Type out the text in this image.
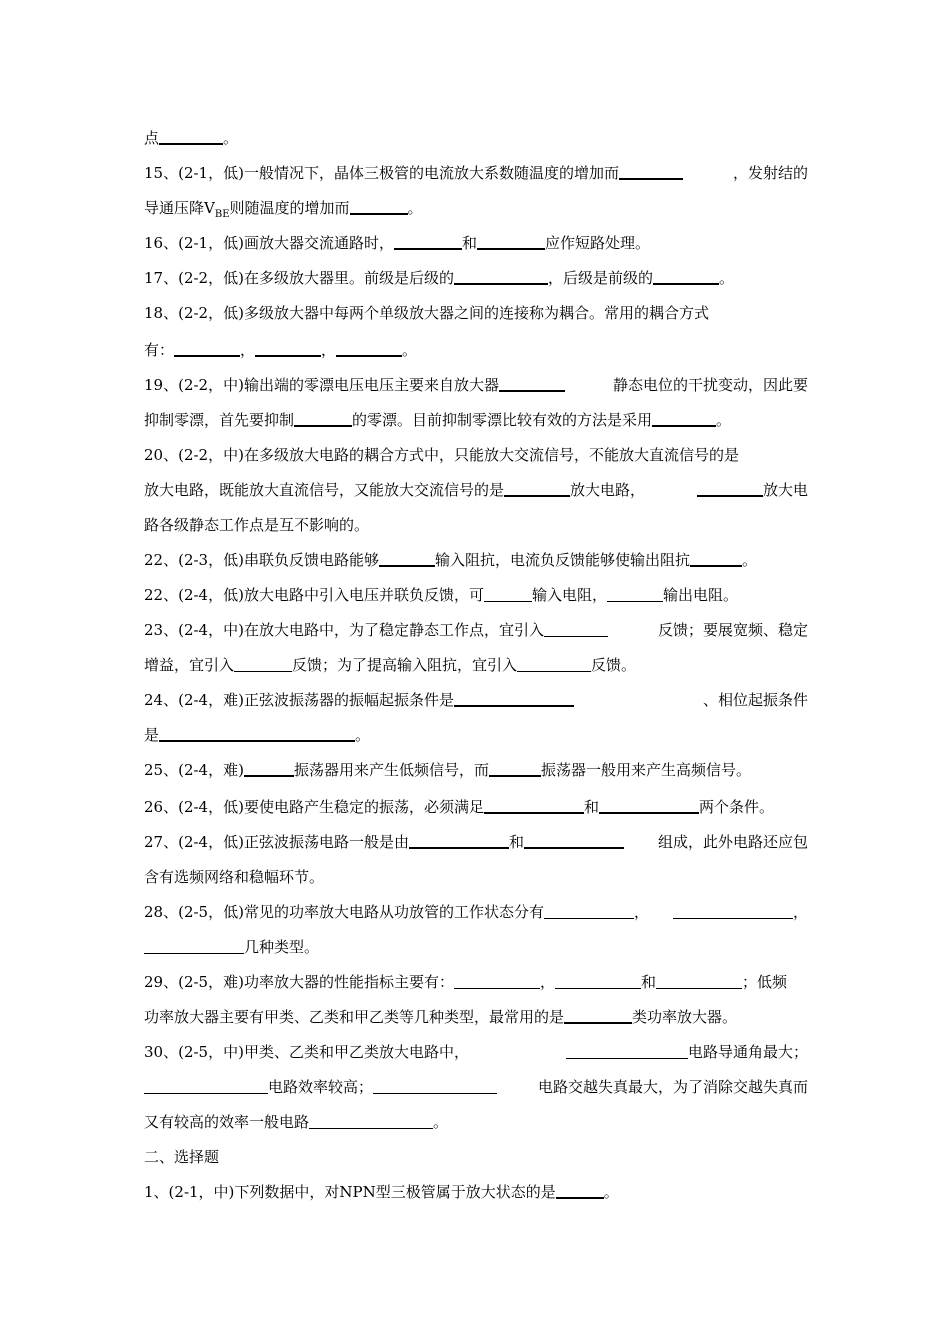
点	。
15、(2-1，低)一般情况下，晶体三极管的电流放大系数随温度的增加而	，发射结的
导通压降$V_{BE}$则随温度的增加而	。
16、(2-1，低)画放大器交流通路时，	和	应作短路处理。
17、(2-2，低)在多级放大器里。前级是后级的	，后级是前级的	。
18、(2-2，低)多级放大器中每两个单级放大器之间的连接称为耦合。常用的耦合方式
有：	，	，	。
19、(2-2，中)输出端的零漂电压电压主要来自放大器	静态电位的干扰变动，因此要
抑制零漂，首先要抑制	的零漂。目前抑制零漂比较有效的方法是采用	。
20、(2-2，中)在多级放大电路的耦合方式中，只能放大交流信号，不能放大直流信号的是
放大电路，既能放大直流信号，又能放大交流信号的是	放大电路，	放大电
路各级静态工作点是互不影响的。
22、(2-3，低)串联负反馈电路能够	输入阻抗，电流负反馈能够使输出阻抗	。
22、(2-4，低)放大电路中引入电压并联负反馈，可	输入电阻，	输出电阻。
23、(2-4，中)在放大电路中，为了稳定静态工作点，宜引入	反馈；要展宽频、稳定
增益，宜引入	反馈；为了提高输入阻抗，宜引入	反馈。
24、(2-4，难)正弦波振荡器的振幅起振条件是	、相位起振条件
是	。
25、(2-4，难)	振荡器用来产生低频信号，而	振荡器一般用来产生高频信号。
26、(2-4，低)要使电路产生稳定的振荡，必须满足	和	两个条件。
27、(2-4，低)正弦波振荡电路一般是由	和	组成，此外电路还应包
含有选频网络和稳幅环节。
28、(2-5，低)常见的功率放大电路从功放管的工作状态分有	，	，
几种类型。
29、(2-5，难)功率放大器的性能指标主要有：	，	和	；低频
功率放大器主要有甲类、乙类和甲乙类等几种类型，最常用的是	类功率放大器。
30、(2-5，中)甲类、乙类和甲乙类放大电路中，	电路导通角最大；
电路效率较高；	电路交越失真最大，为了消除交越失真而
又有较高的效率一般电路	。
二、选择题
1、(2-1，中)下列数据中，对NPN型三极管属于放大状态的是	。
